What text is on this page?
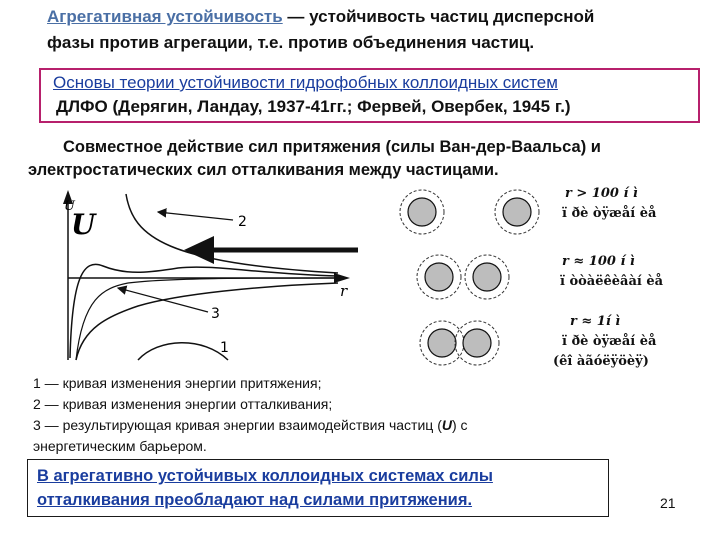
Агрегативная устойчивость — устойчивость частиц дисперсной
фазы против агрегации, т.е. против объединения частиц.
Основы теории устойчивости гидрофобных коллоидных систем
ДЛФО (Дерягин, Ландау, 1937-41гг.; Фервей, Овербек, 1945 г.)
Совместное действие сил притяжения (силы Ван-дер-Ваальса) и
электростатических сил отталкивания между частицами.
U
U
r
2
3
1
r > 100 í ì
ï ðè òÿæåí èå
r ≈ 100 í ì
ï òòàëêèâàí èå
r ≈ 1í ì
ï ðè òÿæåí èå
(êî àãóëÿöèÿ)
1 — кривая изменения энергии притяжения;
2 — кривая изменения энергии отталкивания;
3 — результирующая кривая энергии взаимодействия частиц (U) с
энергетическим барьером.
В агрегативно устойчивых коллоидных системах силы
отталкивания преобладают над силами притяжения.	21
